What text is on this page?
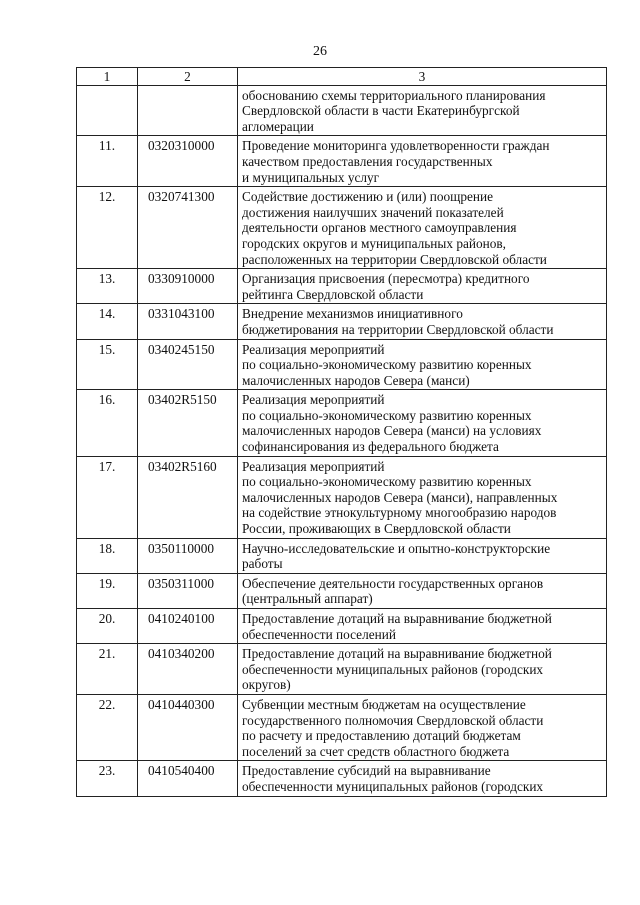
26
1	2	3

		обоснованию схемы территориального планирования
Свердловской области в части Екатеринбургской
агломерации

11.	0320310000	Проведение мониторинга удовлетворенности граждан
качеством предоставления государственных
и муниципальных услуг

12.	0320741300	Содействие достижению и (или) поощрение
достижения наилучших значений показателей
деятельности органов местного самоуправления
городских округов и муниципальных районов,
расположенных на территории Свердловской области

13.	0330910000	Организация присвоения (пересмотра) кредитного
рейтинга Свердловской области

14.	0331043100	Внедрение механизмов инициативного
бюджетирования на территории Свердловской области

15.	0340245150	Реализация мероприятий
по социально-экономическому развитию коренных
малочисленных народов Севера (манси)

16.	03402R5150	Реализация мероприятий
по социально-экономическому развитию коренных
малочисленных народов Севера (манси) на условиях
софинансирования из федерального бюджета

17.	03402R5160	Реализация мероприятий
по социально-экономическому развитию коренных
малочисленных народов Севера (манси), направленных
на содействие этнокультурному многообразию народов
России, проживающих в Свердловской области

18.	0350110000	Научно-исследовательские и опытно-конструкторские
работы

19.	0350311000	Обеспечение деятельности государственных органов
(центральный аппарат)

20.	0410240100	Предоставление дотаций на выравнивание бюджетной
обеспеченности поселений

21.	0410340200	Предоставление дотаций на выравнивание бюджетной
обеспеченности муниципальных районов (городских
округов)

22.	0410440300	Субвенции местным бюджетам на осуществление
государственного полномочия Свердловской области
по расчету и предоставлению дотаций бюджетам
поселений за счет средств областного бюджета

23.	0410540400	Предоставление субсидий на выравнивание
обеспеченности муниципальных районов (городских
